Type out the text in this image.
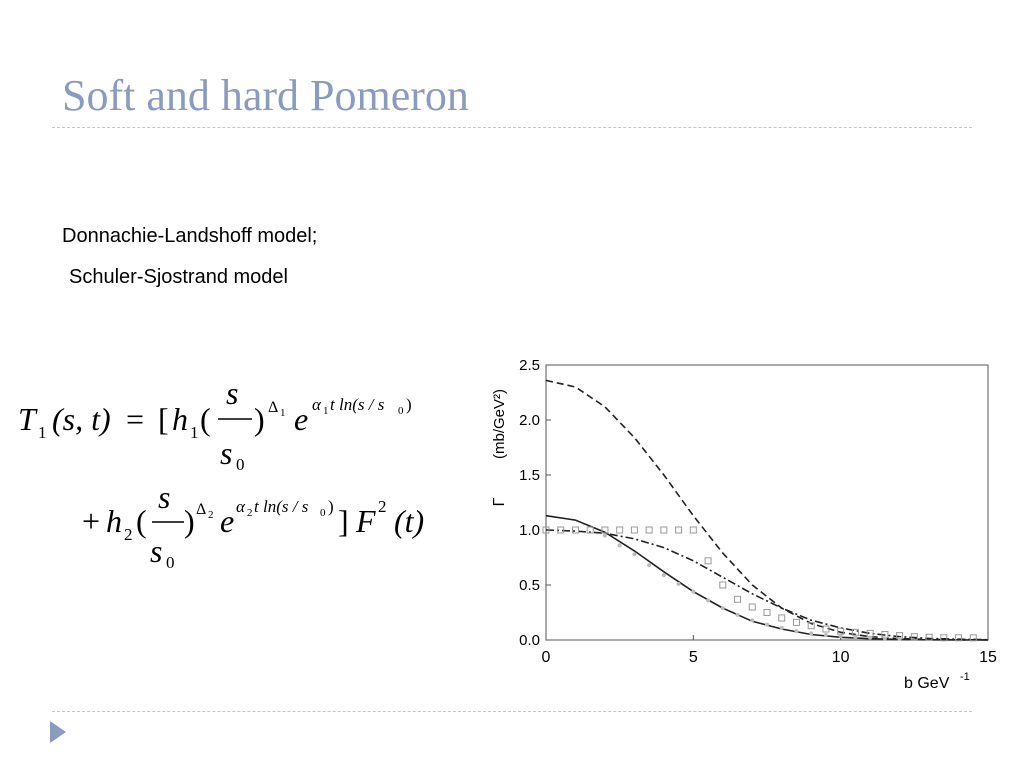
Soft and hard Pomeron
Donnachie-Landshoff model;
Schuler-Sjostrand model
T 1 (s, t) = [ h 1 (
s
s 0
) Δ 1 e α 1 t ln(s / s 0 )
+ h 2 (
s
s 0
) Δ 2 e α 2 t ln(s / s 0 ) ] F 2 (t)
0	5	10	15
0.0
0.5
1.0
1.5
2.0
2.5
Γ
(mb/GeV²)
b GeV -1
